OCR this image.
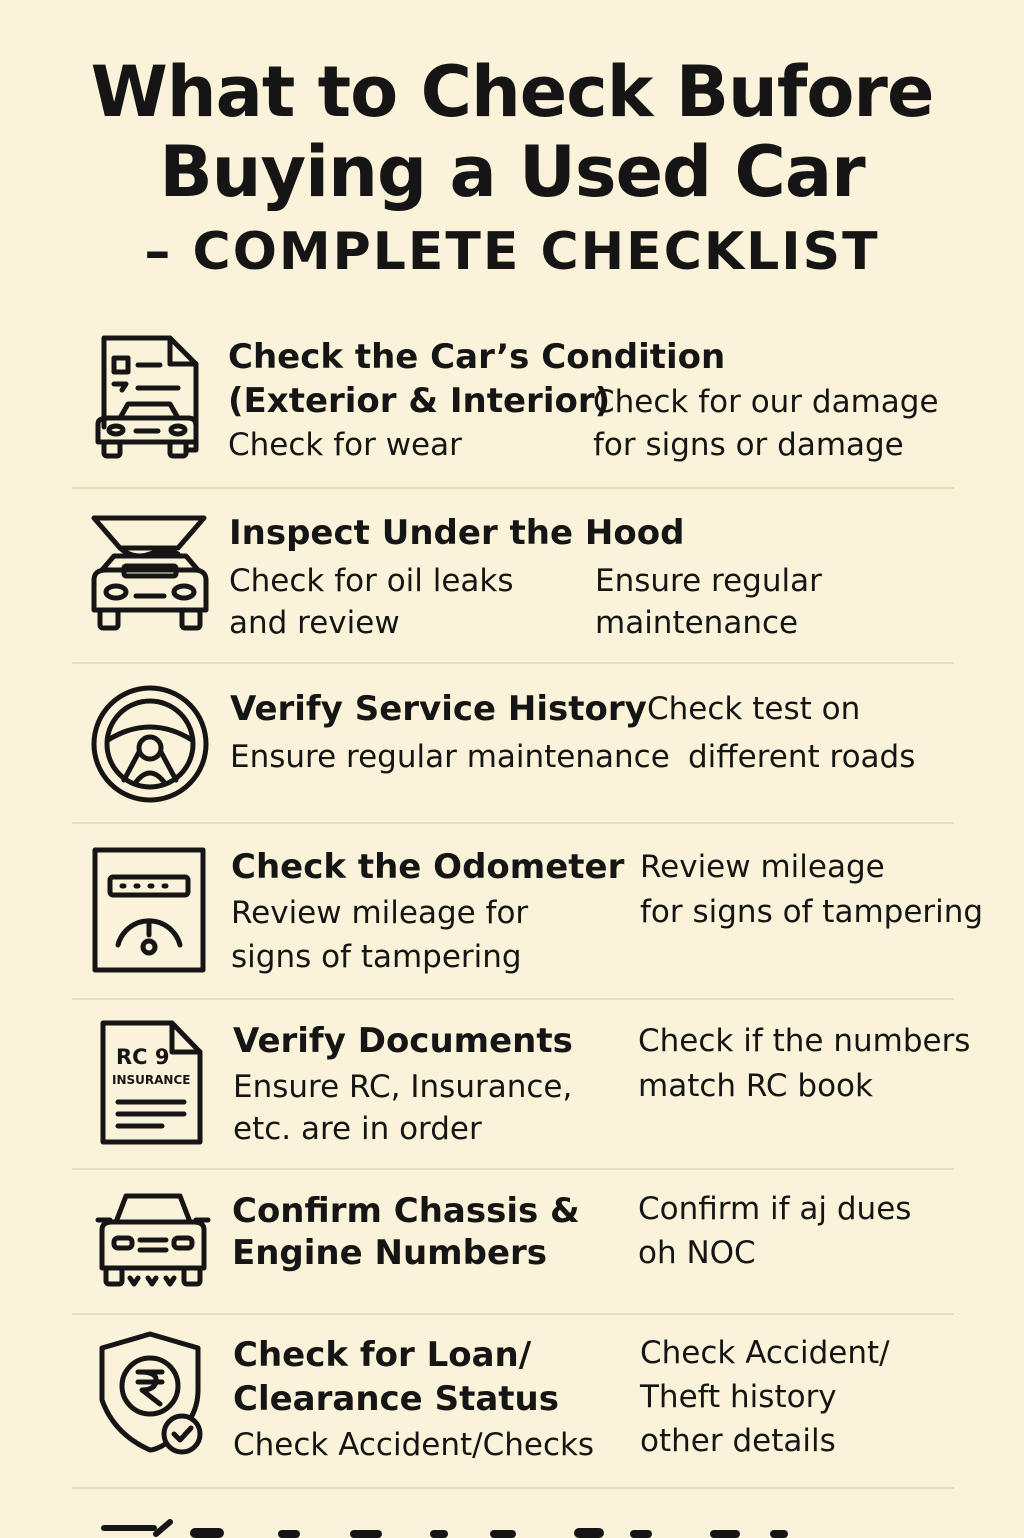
What to Check Bufore
Buying a Used Car
– COMPLETE CHECKLIST
Check the Car’s Condition
(Exterior & Interior)
Check for wear
Check for our damage
for signs or damage
Inspect Under the Hood
Check for oil leaks
and review
Ensure regular
maintenance
Verify Service History
Ensure regular maintenance
Check test on
different roads
Check the Odometer
Review mileage for
signs of tampering
Review mileage
for signs of tampering
RC 9
INSURANCE
Verify Documents
Ensure RC, Insurance,
etc. are in order
Check if the numbers
match RC book
Confirm Chassis &
Engine Numbers
Confirm if aj dues
oh NOC
Check for Loan/
Clearance Status
Check Accident/Checks
Check Accident/
Theft history
other details
